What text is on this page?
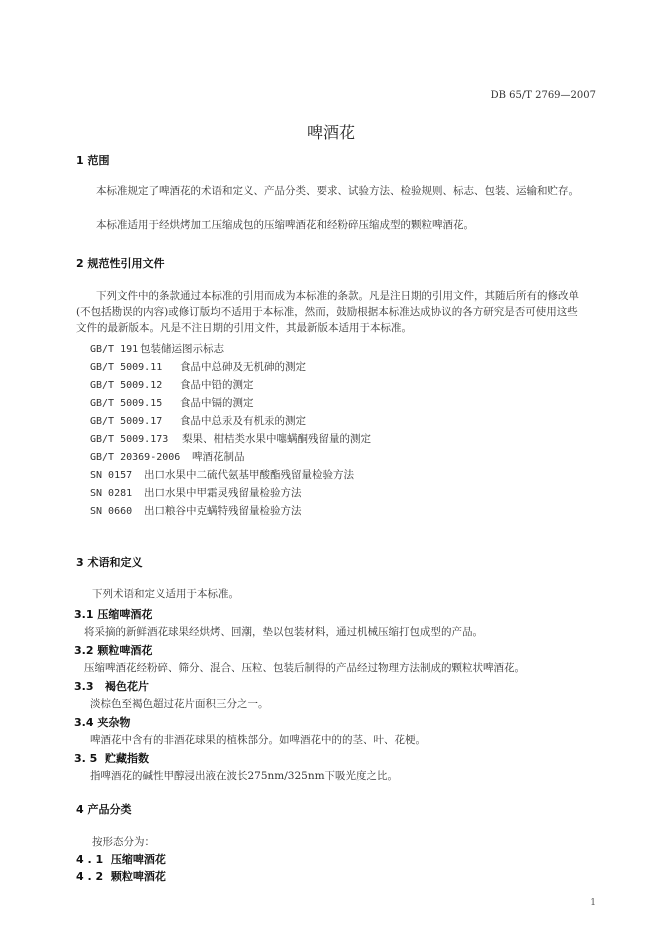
DB 65/T 2769—2007
啤酒花
1 范围
本标准规定了啤酒花的术语和定义、产品分类、要求、试验方法、检验规则、标志、包装、运输和贮存。
本标准适用于经烘烤加工压缩成包的压缩啤酒花和经粉碎压缩成型的颗粒啤酒花。
2 规范性引用文件
下列文件中的条款通过本标准的引用而成为本标准的条款。凡是注日期的引用文件，其随后所有的修改单(不包括勘误的内容)或修订版均不适用于本标准，然而，鼓励根据本标准达成协议的各方研究是否可使用这些文件的最新版本。凡是不注日期的引用文件，其最新版本适用于本标准。
GB/T 191 包装储运图示标志
GB/T 5009.11 食品中总砷及无机砷的测定
GB/T 5009.12 食品中铅的测定
GB/T 5009.15 食品中镉的测定
GB/T 5009.17 食品中总汞及有机汞的测定
GB/T 5009.173 梨果、柑桔类水果中噻螨酮残留量的测定
GB/T 20369-2006 啤酒花制品
SN 0157 出口水果中二硫代氨基甲酸酯残留量检验方法
SN 0281 出口水果中甲霜灵残留量检验方法
SN 0660 出口粮谷中克螨特残留量检验方法
3 术语和定义
下列术语和定义适用于本标准。
3.1 压缩啤酒花
将采摘的新鲜酒花球果经烘烤、回潮，垫以包装材料，通过机械压缩打包成型的产品。
3.2 颗粒啤酒花
压缩啤酒花经粉碎、筛分、混合、压粒、包装后制得的产品经过物理方法制成的颗粒状啤酒花。
3.3 褐色花片
淡棕色至褐色超过花片面积三分之一。
3.4 夹杂物
啤酒花中含有的非酒花球果的植株部分。如啤酒花中的的茎、叶、花梗。
3. 5 贮藏指数
指啤酒花的碱性甲醇浸出液在波长275nm/325nm下吸光度之比。
4 产品分类
按形态分为：
4 . 1 压缩啤酒花
4 . 2 颗粒啤酒花
1
